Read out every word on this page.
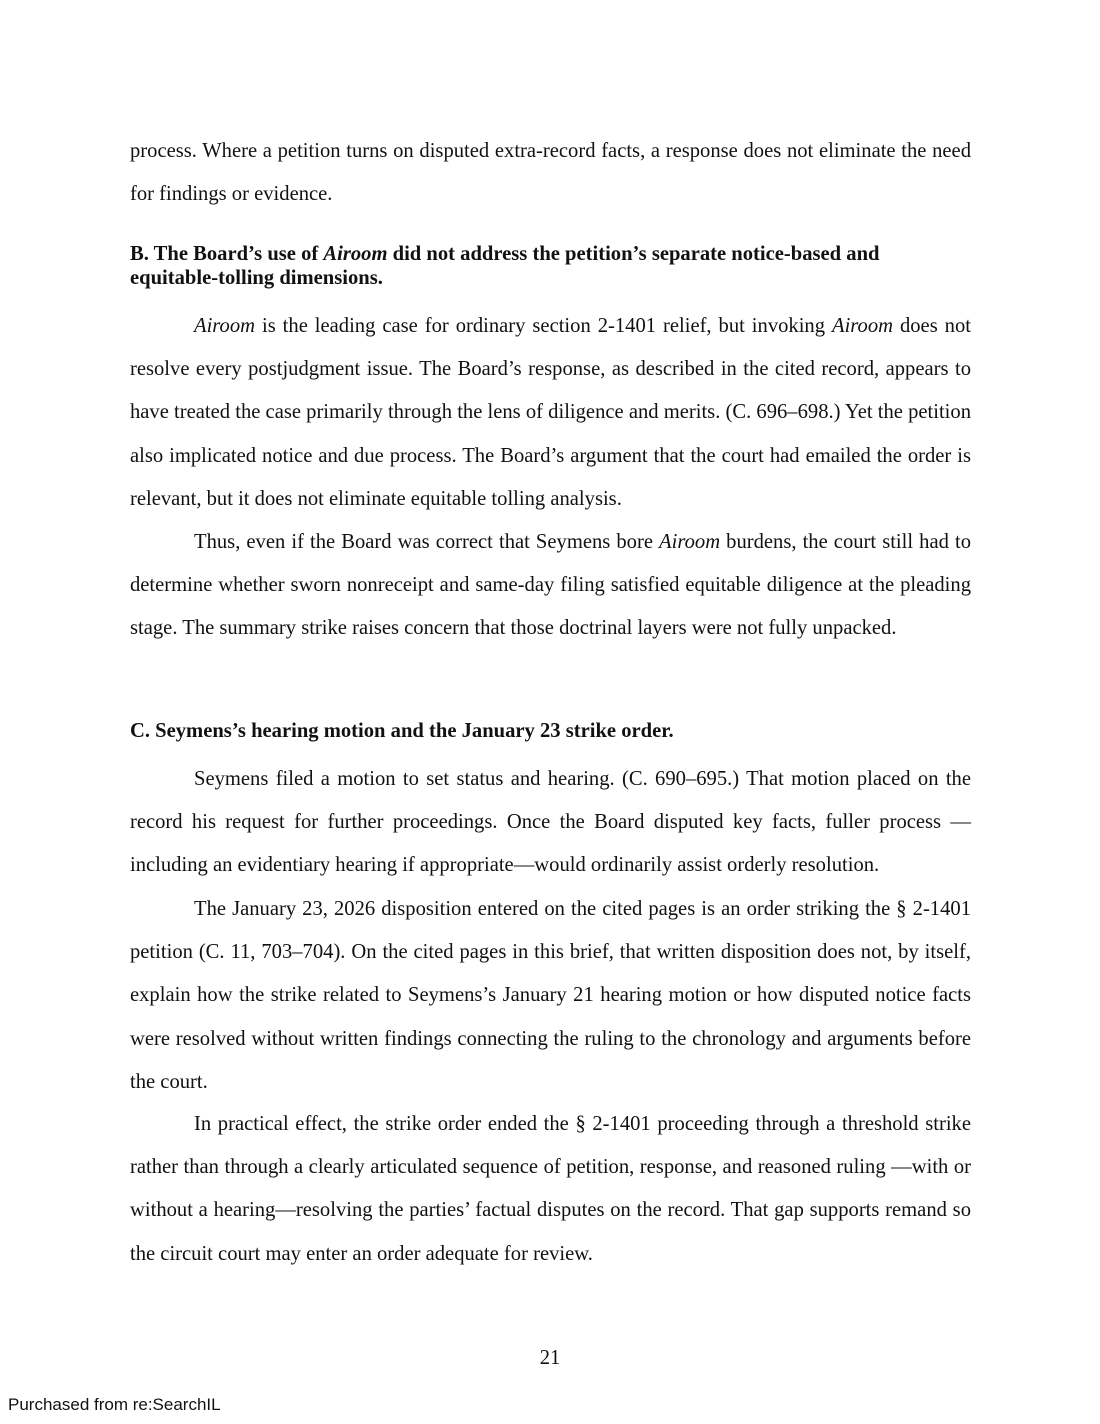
process. Where a petition turns on disputed extra-record facts, a response does not eliminate the need for findings or evidence.

B. The Board’s use of Airoom did not address the petition’s separate notice-based and equitable-tolling dimensions.

Airoom is the leading case for ordinary section 2-1401 relief, but invoking Airoom does not resolve every postjudgment issue. The Board’s response, as described in the cited record, appears to have treated the case primarily through the lens of diligence and merits. (C. 696–698.) Yet the petition also implicated notice and due process. The Board’s argument that the court had emailed the order is relevant, but it does not eliminate equitable tolling analysis.

Thus, even if the Board was correct that Seymens bore Airoom burdens, the court still had to determine whether sworn nonreceipt and same-day filing satisfied equitable diligence at the pleading stage. The summary strike raises concern that those doctrinal layers were not fully unpacked.

C. Seymens’s hearing motion and the January 23 strike order.

Seymens filed a motion to set status and hearing. (C. 690–695.) That motion placed on the record his request for further proceedings. Once the Board disputed key facts, fuller process —including an evidentiary hearing if appropriate—would ordinarily assist orderly resolution.

The January 23, 2026 disposition entered on the cited pages is an order striking the § 2-1401 petition (C. 11, 703–704). On the cited pages in this brief, that written disposition does not, by itself, explain how the strike related to Seymens’s January 21 hearing motion or how disputed notice facts were resolved without written findings connecting the ruling to the chronology and arguments before the court.

In practical effect, the strike order ended the § 2-1401 proceeding through a threshold strike rather than through a clearly articulated sequence of petition, response, and reasoned ruling —with or without a hearing—resolving the parties’ factual disputes on the record. That gap supports remand so the circuit court may enter an order adequate for review.

21
Purchased from re:SearchIL
